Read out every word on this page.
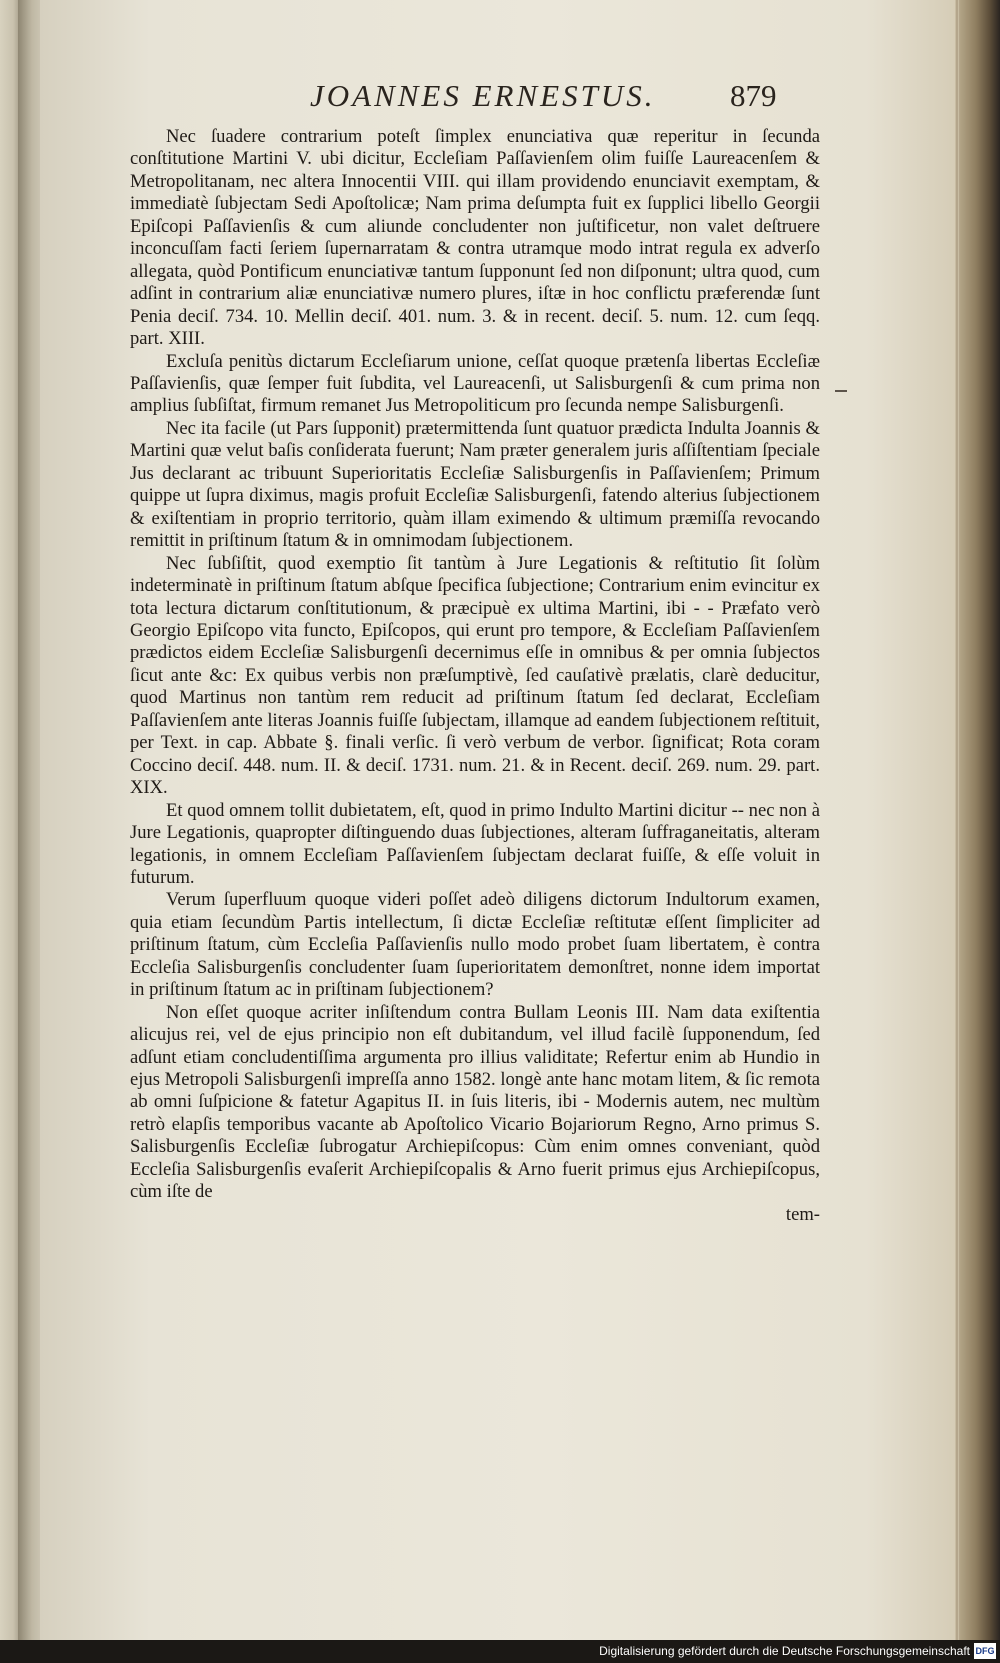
JOANNES ERNESTUS. 879

Nec ſuadere contrarium poteſt ſimplex enunciativa quæ reperitur in ſecunda conſtitutione Martini V. ubi dicitur, Eccleſiam Paſſavienſem olim fuiſſe Laureacenſem & Metropolitanam, nec altera Innocentii VIII. qui illam providendo enunciavit exemptam, & immediatè ſubjectam Sedi Apoſtolicæ; Nam prima deſumpta fuit ex ſupplici libello Georgii Epiſcopi Paſſavienſis & cum aliunde concludenter non juſtificetur, non valet deſtruere inconcuſſam facti ſeriem ſupernarratam & contra utramque modo intrat regula ex adverſo allegata, quòd Pontificum enunciativæ tantum ſupponunt ſed non diſponunt; ultra quod, cum adſint in contrarium aliæ enunciativæ numero plures, iſtæ in hoc conflictu præferendæ ſunt Penia deciſ. 734. 10. Mellin deciſ. 401. num. 3. & in recent. deciſ. 5. num. 12. cum ſeqq. part. XIII.

Excluſa penitùs dictarum Eccleſiarum unione, ceſſat quoque prætenſa libertas Eccleſiæ Paſſavienſis, quæ ſemper fuit ſubdita, vel Laureacenſi, ut Salisburgenſi & cum prima non amplius ſubſiſtat, firmum remanet Jus Metropoliticum pro ſecunda nempe Salisburgenſi.

Nec ita facile (ut Pars ſupponit) prætermittenda ſunt quatuor prædicta Indulta Joannis & Martini quæ velut baſis conſiderata fuerunt; Nam præter generalem juris aſſiſtentiam ſpeciale Jus declarant ac tribuunt Superioritatis Eccleſiæ Salisburgenſis in Paſſavienſem; Primum quippe ut ſupra diximus, magis profuit Eccleſiæ Salisburgenſi, fatendo alterius ſubjectionem & exiſtentiam in proprio territorio, quàm illam eximendo & ultimum præmiſſa revocando remittit in priſtinum ſtatum & in omnimodam ſubjectionem.

Nec ſubſiſtit, quod exemptio ſit tantùm à Jure Legationis & reſtitutio ſit ſolùm indeterminatè in priſtinum ſtatum abſque ſpecifica ſubjectione; Contrarium enim evincitur ex tota lectura dictarum conſtitutionum, & præcipuè ex ultima Martini, ibi - - Præfato verò Georgio Epiſcopo vita functo, Epiſcopos, qui erunt pro tempore, & Eccleſiam Paſſavienſem prædictos eidem Eccleſiæ Salisburgenſi decernimus eſſe in omnibus & per omnia ſubjectos ſicut ante &c: Ex quibus verbis non præſumptivè, ſed cauſativè prælatis, clarè deducitur, quod Martinus non tantùm rem reducit ad priſtinum ſtatum ſed declarat, Eccleſiam Paſſavienſem ante literas Joannis fuiſſe ſubjectam, illamque ad eandem ſubjectionem reſtituit, per Text. in cap. Abbate §. finali verſic. ſi verò verbum de verbor. ſignificat; Rota coram Coccino deciſ. 448. num. II. & deciſ. 1731. num. 21. & in Recent. deciſ. 269. num. 29. part. XIX.

Et quod omnem tollit dubietatem, eſt, quod in primo Indulto Martini dicitur -- nec non à Jure Legationis, quapropter diſtinguendo duas ſubjectiones, alteram ſuffraganeitatis, alteram legationis, in omnem Eccleſiam Paſſavienſem ſubjectam declarat fuiſſe, & eſſe voluit in futurum.

Verum ſuperfluum quoque videri poſſet adeò diligens dictorum Indultorum examen, quia etiam ſecundùm Partis intellectum, ſi dictæ Eccleſiæ reſtitutæ eſſent ſimpliciter ad priſtinum ſtatum, cùm Eccleſia Paſſavienſis nullo modo probet ſuam libertatem, è contra Eccleſia Salisburgenſis concludenter ſuam ſuperioritatem demonſtret, nonne idem importat in priſtinum ſtatum ac in priſtinam ſubjectionem?

Non eſſet quoque acriter inſiſtendum contra Bullam Leonis III. Nam data exiſtentia alicujus rei, vel de ejus principio non eſt dubitandum, vel illud facilè ſupponendum, ſed adſunt etiam concludentiſſima argumenta pro illius validitate; Refertur enim ab Hundio in ejus Metropoli Salisburgenſi impreſſa anno 1582. longè ante hanc motam litem, & ſic remota ab omni ſuſpicione & fatetur Agapitus II. in ſuis literis, ibi - Modernis autem, nec multùm retrò elapſis temporibus vacante ab Apoſtolico Vicario Bojariorum Regno, Arno primus S. Salisburgenſis Eccleſiæ ſubrogatur Archiepiſcopus: Cùm enim omnes conveniant, quòd Eccleſia Salisburgenſis evaſerit Archiepiſcopalis & Arno fuerit primus ejus Archiepiſcopus, cùm iſte de

tem-

Digitalisierung gefördert durch die Deutsche Forschungsgemeinschaft DFG
